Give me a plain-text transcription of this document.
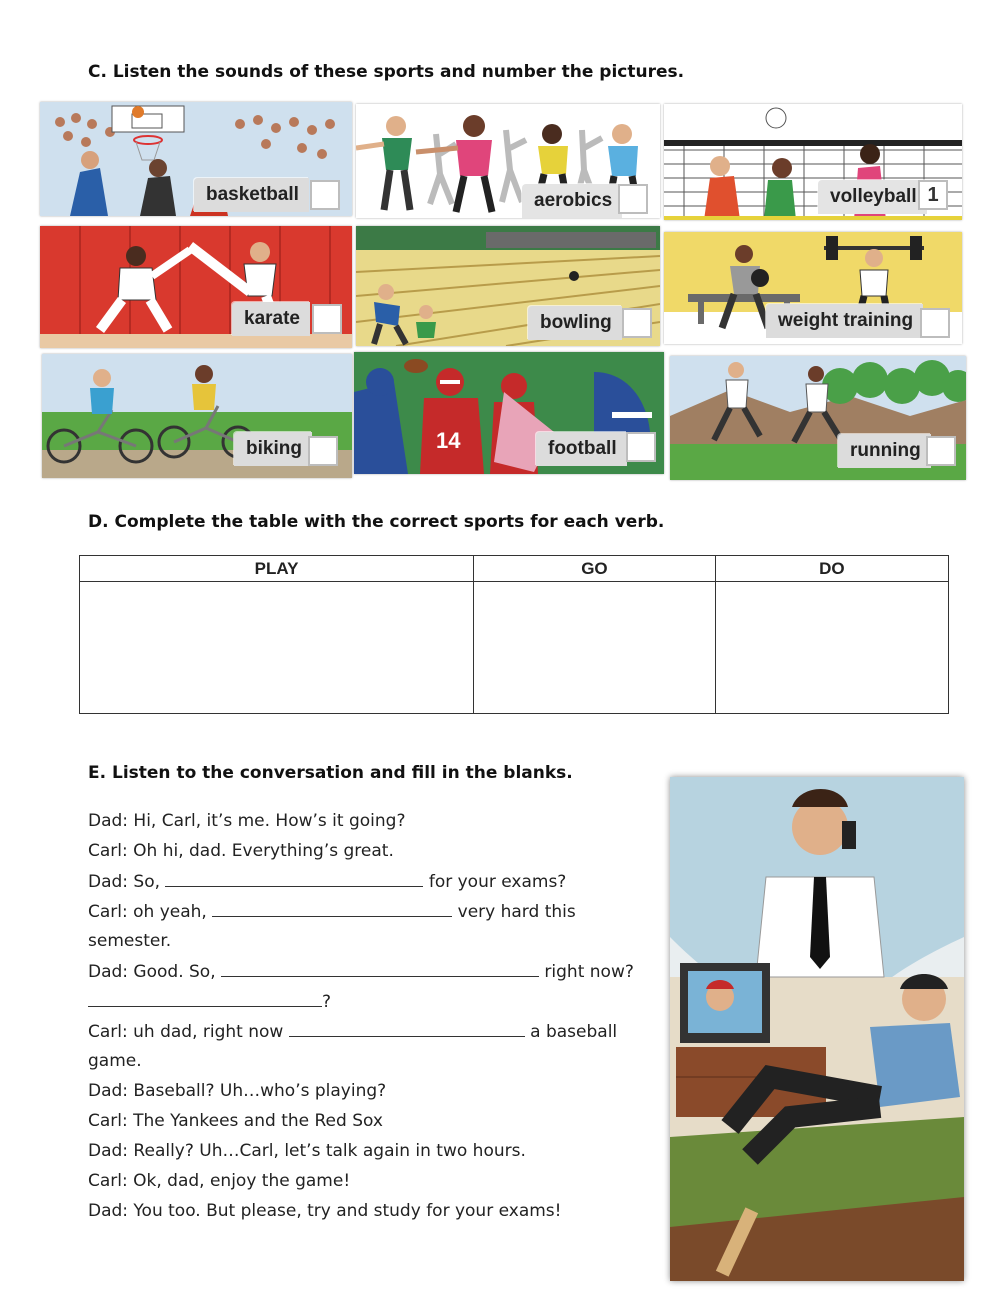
C. Listen the sounds of these sports and number the pictures.
basketball	aerobics	volleyball 1
karate	bowling	weight training
biking	14	football	running
D. Complete the table with the correct sports for each verb.
PLAY	GO	DO

E. Listen to the conversation and fill in the blanks.
Dad: Hi, Carl, it’s me. How’s it going?
Carl: Oh hi, dad. Everything’s great.
Dad: So,	for your exams?
Carl: oh yeah,	very hard this
semester.
Dad: Good. So,	right now?
?
Carl: uh dad, right now	a baseball
game.
Dad: Baseball? Uh…who’s playing?
Carl: The Yankees and the Red Sox
Dad: Really? Uh…Carl, let’s talk again in two hours.
Carl: Ok, dad, enjoy the game!
Dad: You too. But please, try and study for your exams!
